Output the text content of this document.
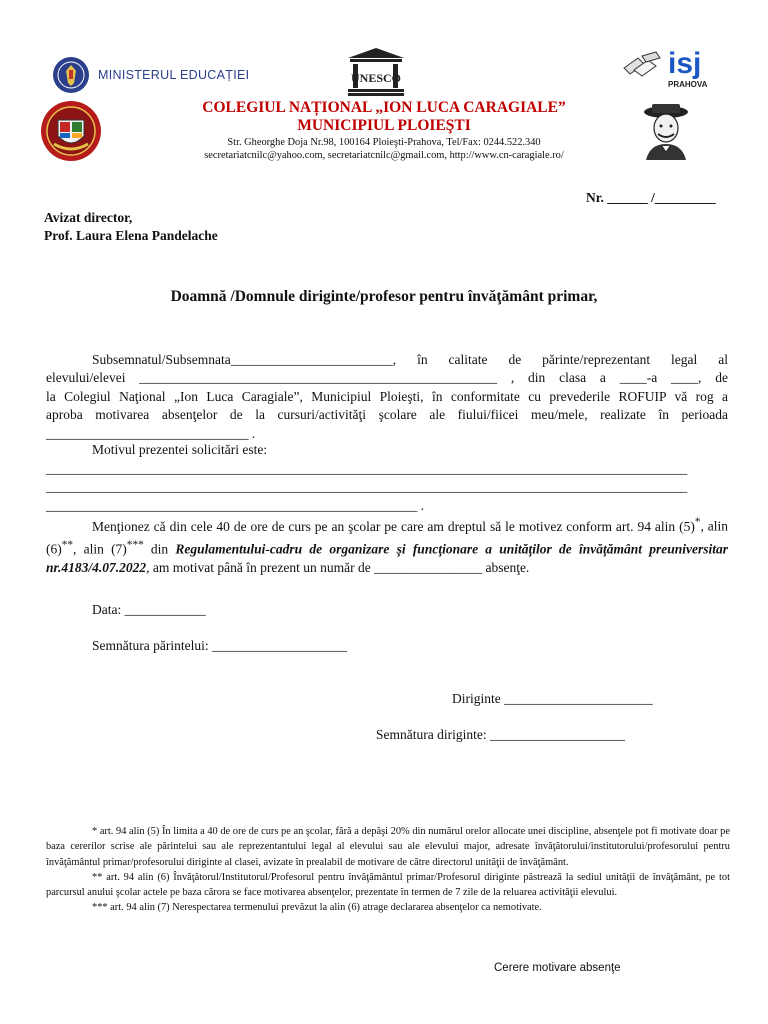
MINISTERUL EDUCAȚIEI	UNESCO	isj
PRAHOVA
COLEGIUL NAȚIONAL „ION LUCA CARAGIALE”
MUNICIPIUL PLOIEŞTI
Str. Gheorghe Doja Nr.98, 100164 Ploieşti-Prahova, Tel/Fax: 0244.522.340
secretariatcnilc@yahoo.com, secretariatcnilc@gmail.com, http://www.cn-caragiale.ro/
Nr. ______ /_________
Avizat director,
Prof. Laura Elena Pandelache
Doamnă /Domnule diriginte/profesor pentru învăţământ primar,
Subsemnatul/Subsemnata________________________, în calitate de părinte/reprezentant legal al
elevului/elevei _____________________________________________________ , din clasa a ____-a ____, de
la Colegiul Naţional „Ion Luca Caragiale”, Municipiul Ploieşti, în conformitate cu prevederile ROFUIP vă rog a
aproba motivarea absenţelor de la cursuri/activităţi şcolare ale fiului/fiicei meu/mele, realizate în perioada
______________________________ .
Motivul prezentei solicitări este:
_______________________________________________________________________________________________
_______________________________________________________________________________________________
_______________________________________________________ .
Menţionez că din cele 40 de ore de curs pe an şcolar pe care am dreptul să le motivez conform art. 94 alin (5)*, alin (6)**, alin (7)*** din Regulamentului-cadru de organizare şi funcţionare a unităţilor de învăţământ preuniversitar nr.4183/4.07.2022, am motivat până în prezent un număr de ________________ absenţe.
Data: ____________
Semnătura părintelui: ____________________
Diriginte ______________________
Semnătura diriginte: ____________________

* art. 94 alin (5) În limita a 40 de ore de curs pe an şcolar, fără a depăşi 20% din numărul orelor allocate unei discipline, absenţele pot fi motivate doar pe baza cererilor scrise ale părintelui sau ale reprezentantului legal al elevului sau ale elevului major, adresate învăţătorului/institutorului/profesorului pentru învăţământul primar/profesorului diriginte al clasei, avizate în prealabil de motivare de către directorul unităţii de învăţământ.

** art. 94 alin (6) Învăţătorul/Institutorul/Profesorul pentru învăţământul primar/Profesorul diriginte păstrează la sediul unităţii de învăţământ, pe tot parcursul anului şcolar actele pe baza cărora se face motivarea absenţelor, prezentate în termen de 7 zile de la reluarea activităţii elevului.

*** art. 94 alin (7) Nerespectarea termenului prevăzut la alin (6) atrage declararea absenţelor ca nemotivate.

Cerere motivare absenţe
